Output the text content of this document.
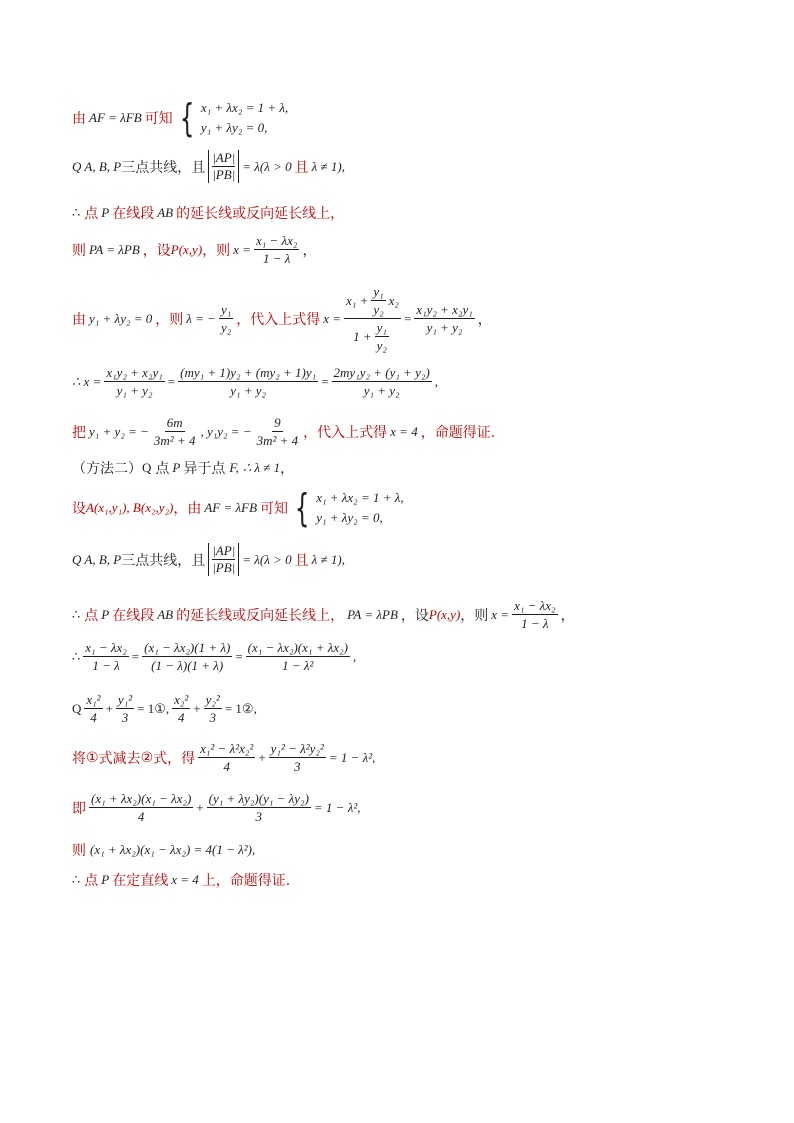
由 AF = λFB 可知 { x₁ + λx₂ = 1 + λ,
y₁ + λy₂ = 0,
Q A, B, P 三点共线，且 $\frac{|AP|}{|PB|} = \lambda(\lambda > 0$ 且 λ ≠ 1) ,
∴ 点 P 在线段 AB 的延长线或反向延长线上，
则 PA = λPB ，设 P(x,y) ，则 $x = \frac{\text{x₁ − λx₂}}{1 - \lambda}$ ，
由 y₁ + λy₂ = 0 ，则 λ = − $\frac{\text{y₁}}{\text{y₂}}$ ，代入上式得 $x = \frac{x_1 + \frac{\text{y₁}}{\text{y₂}} x_2}{1 + \frac{\text{y₁}}{\text{y₂}}} = \frac{\text{x₁y₂ + x₂y₁}}{\text{y₁ + y₂}}$ ，
∴ $x = \frac{\text{x₁y₂ + x₂y₁}}{\text{y₁ + y₂}} = \frac{\text{(my₁ + 1)y₂ + (my₂ + 1)y₁}}{\text{y₁ + y₂}} = \frac{\text{2my₁y₂ + (y₁ + y₂)}}{\text{y₁ + y₂}}$ ,
把 y₁ + y₂ = − $\frac{6m}{\text{3m² + 4}}$ , y₁y₂ = − $\frac{9}{\text{3m² + 4}}$ ，代入上式得 x = 4 ，命题得证.
（方法二） Q 点 P 异于点 F, ∴ λ ≠ 1 ，
设 A(x₁,y₁), B(x₂,y₂) ，由 AF = λFB 可知 { x₁ + λx₂ = 1 + λ,
y₁ + λy₂ = 0,
Q A, B, P 三点共线，且 $\frac{|AP|}{|PB|} = \lambda(\lambda > 0$ 且 λ ≠ 1) ,
∴ 点 P 在线段 AB 的延长线或反向延长线上， PA = λPB ，设 P(x,y) ，则 $x = \frac{\text{x₁ − λx₂}}{1 - \lambda}$ ，
∴ $\frac{\text{x₁ − λx₂}}{1 - \lambda} = \frac{\text{(x₁ − λx₂)(1 + λ)}}{(1 - \lambda)(1 + \lambda)} = \frac{\text{(x₁ − λx₂)(x₁ + λx₂)}}{\text{1 − λ²}}$ ,
Q $\frac{\text{x₁²}}{4} + \frac{\text{y₁²}}{3}$ = 1①, $\frac{\text{x₂²}}{4} + \frac{\text{y₂²}}{3}$ = 1② ,
将 ① 式减去 ② 式，得 $\frac{\text{x₁² − λ²x₂²}}{4} + \frac{\text{y₁² − λ²y₂²}}{3} = 1 - \lambda^2$ ,
即 $\frac{\text{(x₁ + λx₂)(x₁ − λx₂)}}{4} + \frac{\text{(y₁ + λy₂)(y₁ − λy₂)}}{3} = 1 - \lambda^2$ ,
则 (x₁ + λx₂)(x₁ − λx₂) = 4(1 − λ²) ,
∴ 点 P 在定直线 x = 4 上，命题得证.
